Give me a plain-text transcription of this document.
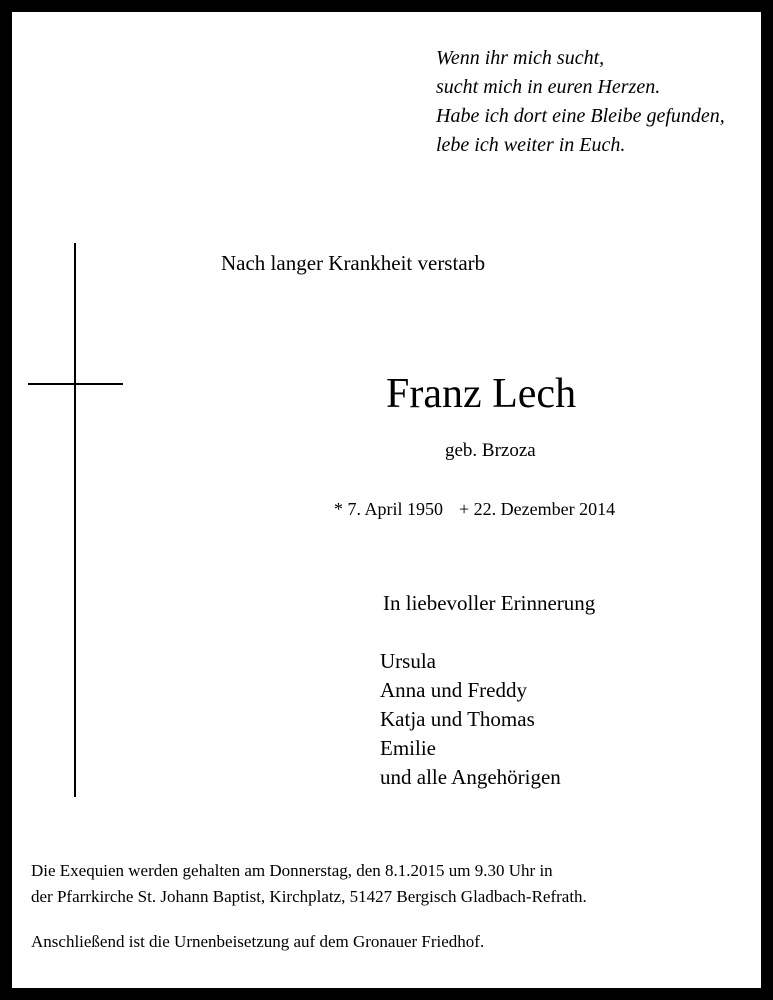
Wenn ihr mich sucht,
sucht mich in euren Herzen.
Habe ich dort eine Bleibe gefunden,
lebe ich weiter in Euch.
Nach langer Krankheit verstarb
Franz Lech
geb. Brzoza
* 7. April 1950 + 22. Dezember 2014
In liebevoller Erinnerung
Ursula
Anna und Freddy
Katja und Thomas
Emilie
und alle Angehörigen
Die Exequien werden gehalten am Donnerstag, den 8.1.2015 um 9.30 Uhr in
der Pfarrkirche St. Johann Baptist, Kirchplatz, 51427 Bergisch Gladbach-Refrath.
Anschließend ist die Urnenbeisetzung auf dem Gronauer Friedhof.
